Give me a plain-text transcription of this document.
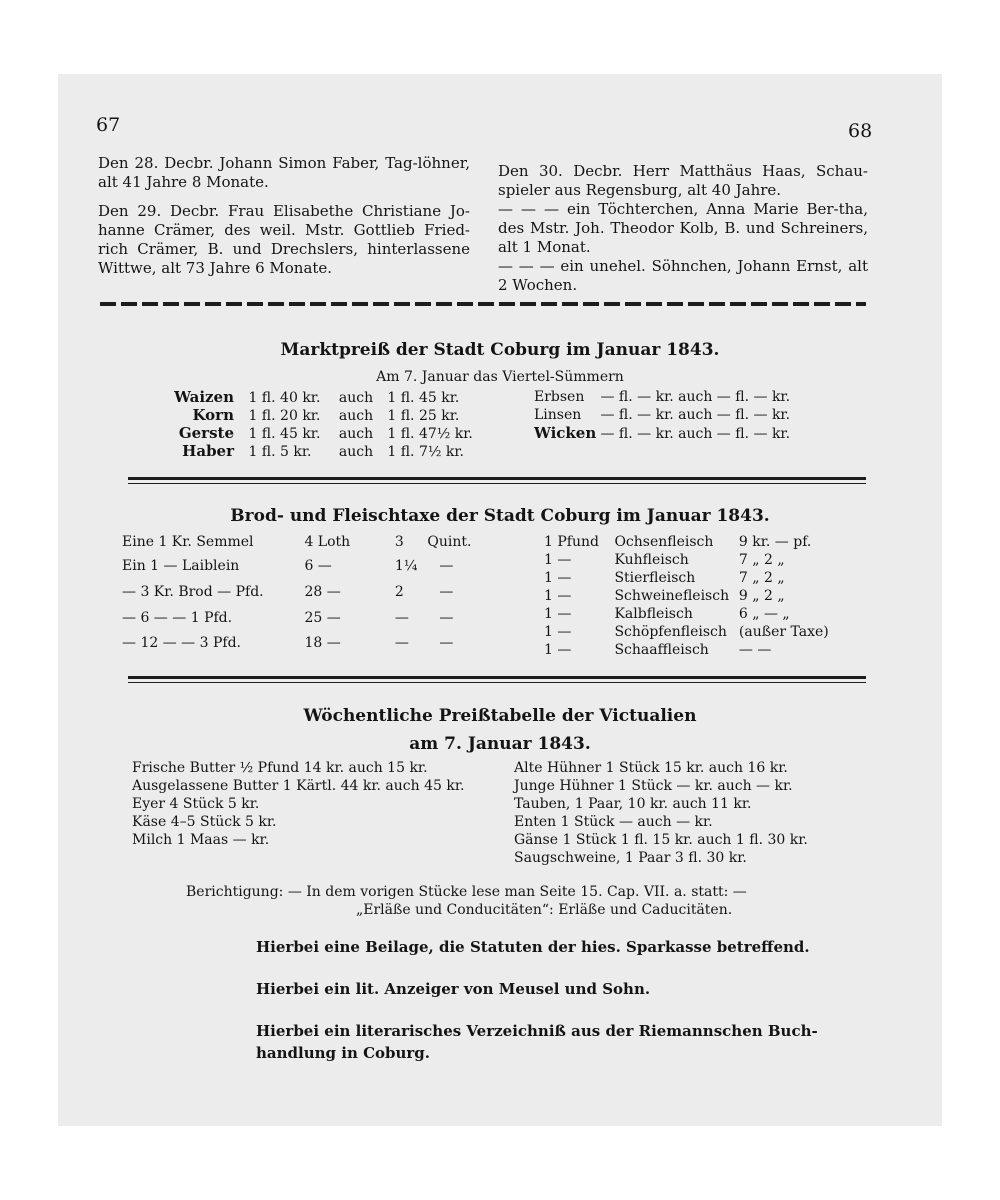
67	68

Den 28. Decbr. Johann Simon Faber, Tag-löhner, alt 41 Jahre 8 Monate.

Den 29. Decbr. Frau Elisabethe Christiane Jo-hanne Crämer, des weil. Mstr. Gottlieb Fried-rich Crämer, B. und Drechslers, hinterlassene Wittwe, alt 73 Jahre 6 Monate.

Den 30. Decbr. Herr Matthäus Haas, Schau-spieler aus Regensburg, alt 40 Jahre.

— — — ein Töchterchen, Anna Marie Ber-tha, des Mstr. Joh. Theodor Kolb, B. und Schreiners, alt 1 Monat.

— — — ein unehel. Söhnchen, Johann Ernst, alt 2 Wochen.

Marktpreiß der Stadt Coburg im Januar 1843.
Am 7. Januar das Viertel-Sümmern
Waizen 1 fl. 40 kr. auch 1 fl. 45 kr.
Korn 1 fl. 20 kr. auch 1 fl. 25 kr.
Gerste 1 fl. 45 kr. auch 1 fl. 47½ kr.
Haber 1 fl. 5 kr. auch 1 fl. 7½ kr.
Erbsen — fl. — kr. auch — fl. — kr.
Linsen — fl. — kr. auch — fl. — kr.
Wicken — fl. — kr. auch — fl. — kr.
Brod- und Fleischtaxe der Stadt Coburg im Januar 1843.
Eine 1 Kr. Semmel	4 Loth	3 Quint.
Ein 1 — Laiblein	6 —	1¼ —
— 3 Kr. Brod — Pfd.	28 —	2	—
— 6 — — 1 Pfd.	25 —	— —
— 12 — — 3 Pfd.	18 —	— —
1 Pfund Ochsenfleisch 9 kr. — pf.
1 —	Kuhfleisch	7 „ 2 „
1 —	Stierfleisch	7 „ 2 „
1 —	Schweinefleisch 9 „ 2 „
1 —	Kalbfleisch	6 „ — „
1 —	Schöpfenfleisch (außer Taxe)
1 —	Schaaffleisch — —
Wöchentliche Preißtabelle der Victualien
am 7. Januar 1843.
Frische Butter ½ Pfund 14 kr. auch 15 kr.
Ausgelassene Butter 1 Kärtl. 44 kr. auch 45 kr.
Eyer 4 Stück 5 kr.
Käse 4–5 Stück 5 kr.
Milch 1 Maas — kr.
Alte Hühner 1 Stück 15 kr. auch 16 kr.
Junge Hühner 1 Stück — kr. auch — kr.
Tauben, 1 Paar, 10 kr. auch 11 kr.
Enten 1 Stück — auch — kr.
Gänse 1 Stück 1 fl. 15 kr. auch 1 fl. 30 kr.
Saugschweine, 1 Paar 3 fl. 30 kr.
Berichtigung: — In dem vorigen Stücke lese man Seite 15. Cap. VII. a. statt: —
„Erläße und Conducitäten“: Erläße und Caducitäten.
Hierbei eine Beilage, die Statuten der hies. Sparkasse betreffend.
Hierbei ein lit. Anzeiger von Meusel und Sohn.
Hierbei ein literarisches Verzeichniß aus der Riemannschen Buch-
handlung in Coburg.
